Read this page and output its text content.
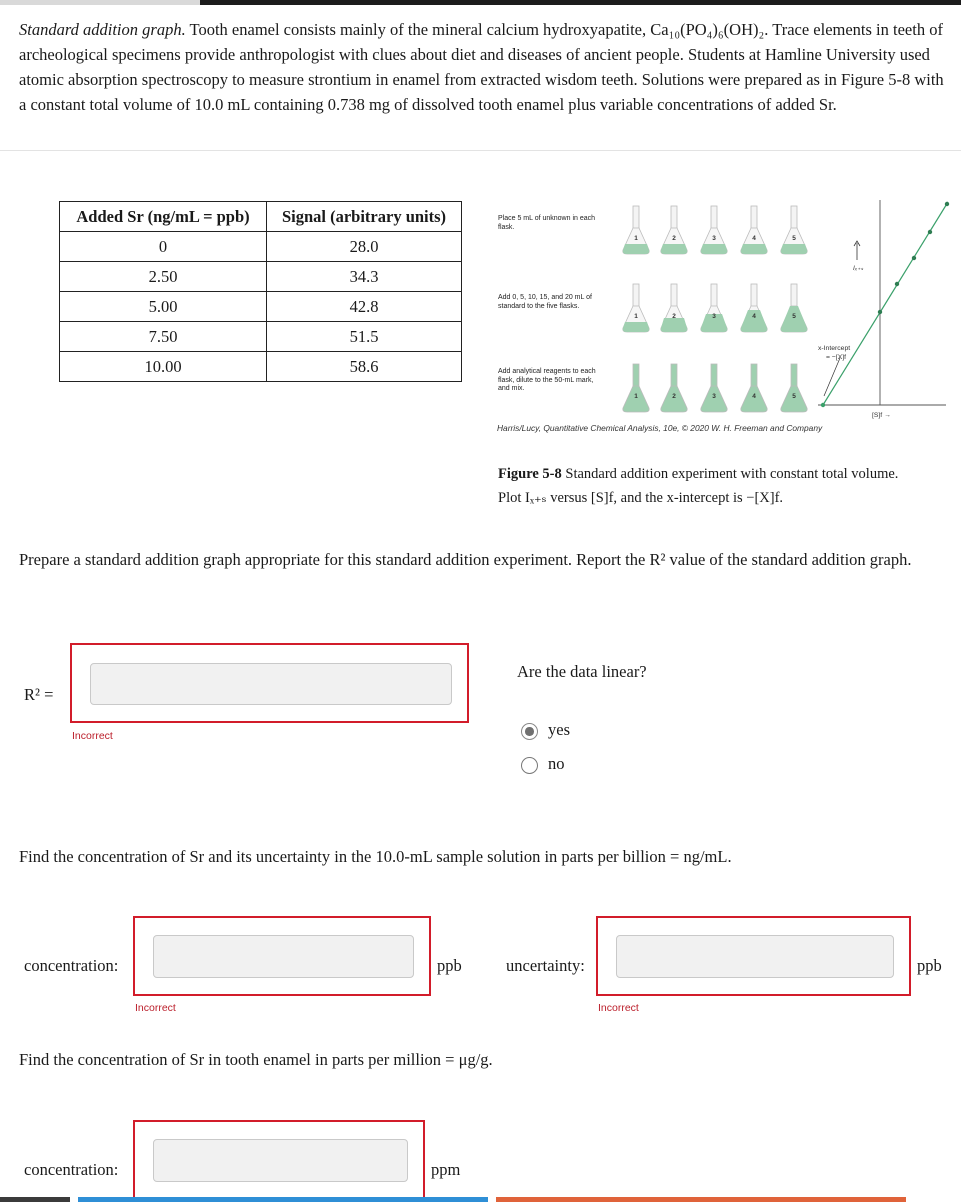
Standard addition graph. Tooth enamel consists mainly of the mineral calcium hydroxyapatite, Ca₁₀(PO₄)₆(OH)₂. Trace elements in teeth of archeological specimens provide anthropologist with clues about diet and diseases of ancient people. Students at Hamline University used atomic absorption spectroscopy to measure strontium in enamel from extracted wisdom teeth. Solutions were prepared as in Figure 5-8 with a constant total volume of 10.0 mL containing 0.738 mg of dissolved tooth enamel plus variable concentrations of added Sr.
Added Sr (ng/mL = ppb)	Signal (arbitrary units)
0	28.0
2.50	34.3
5.00	42.8
7.50	51.5
10.00	58.6
Place 5 mL of unknown in each flask.
Add 0, 5, 10, 15, and 20 mL of standard to the five flasks.
Add analytical reagents to each flask, dilute to the 50-mL mark, and mix.
1	2	3	4	5
1	2	3	4	5
1	2	3	4	5
Iₓ₊ₛ
x-Intercept
= −[X]f
[S]f →
Harris/Lucy, Quantitative Chemical Analysis, 10e, © 2020 W. H. Freeman and Company
Figure 5-8 Standard addition experiment with constant total volume.
Plot Iₓ₊ₛ versus [S]f, and the x-intercept is −[X]f.
Prepare a standard addition graph appropriate for this standard addition experiment. Report the R² value of the standard addition graph.
R² =
Incorrect
Are the data linear?
yes
no
Find the concentration of Sr and its uncertainty in the 10.0-mL sample solution in parts per billion = ng/mL.
concentration:	ppb
Incorrect
uncertainty:	ppb
Incorrect
Find the concentration of Sr in tooth enamel in parts per million = μg/g.
concentration:	ppm
